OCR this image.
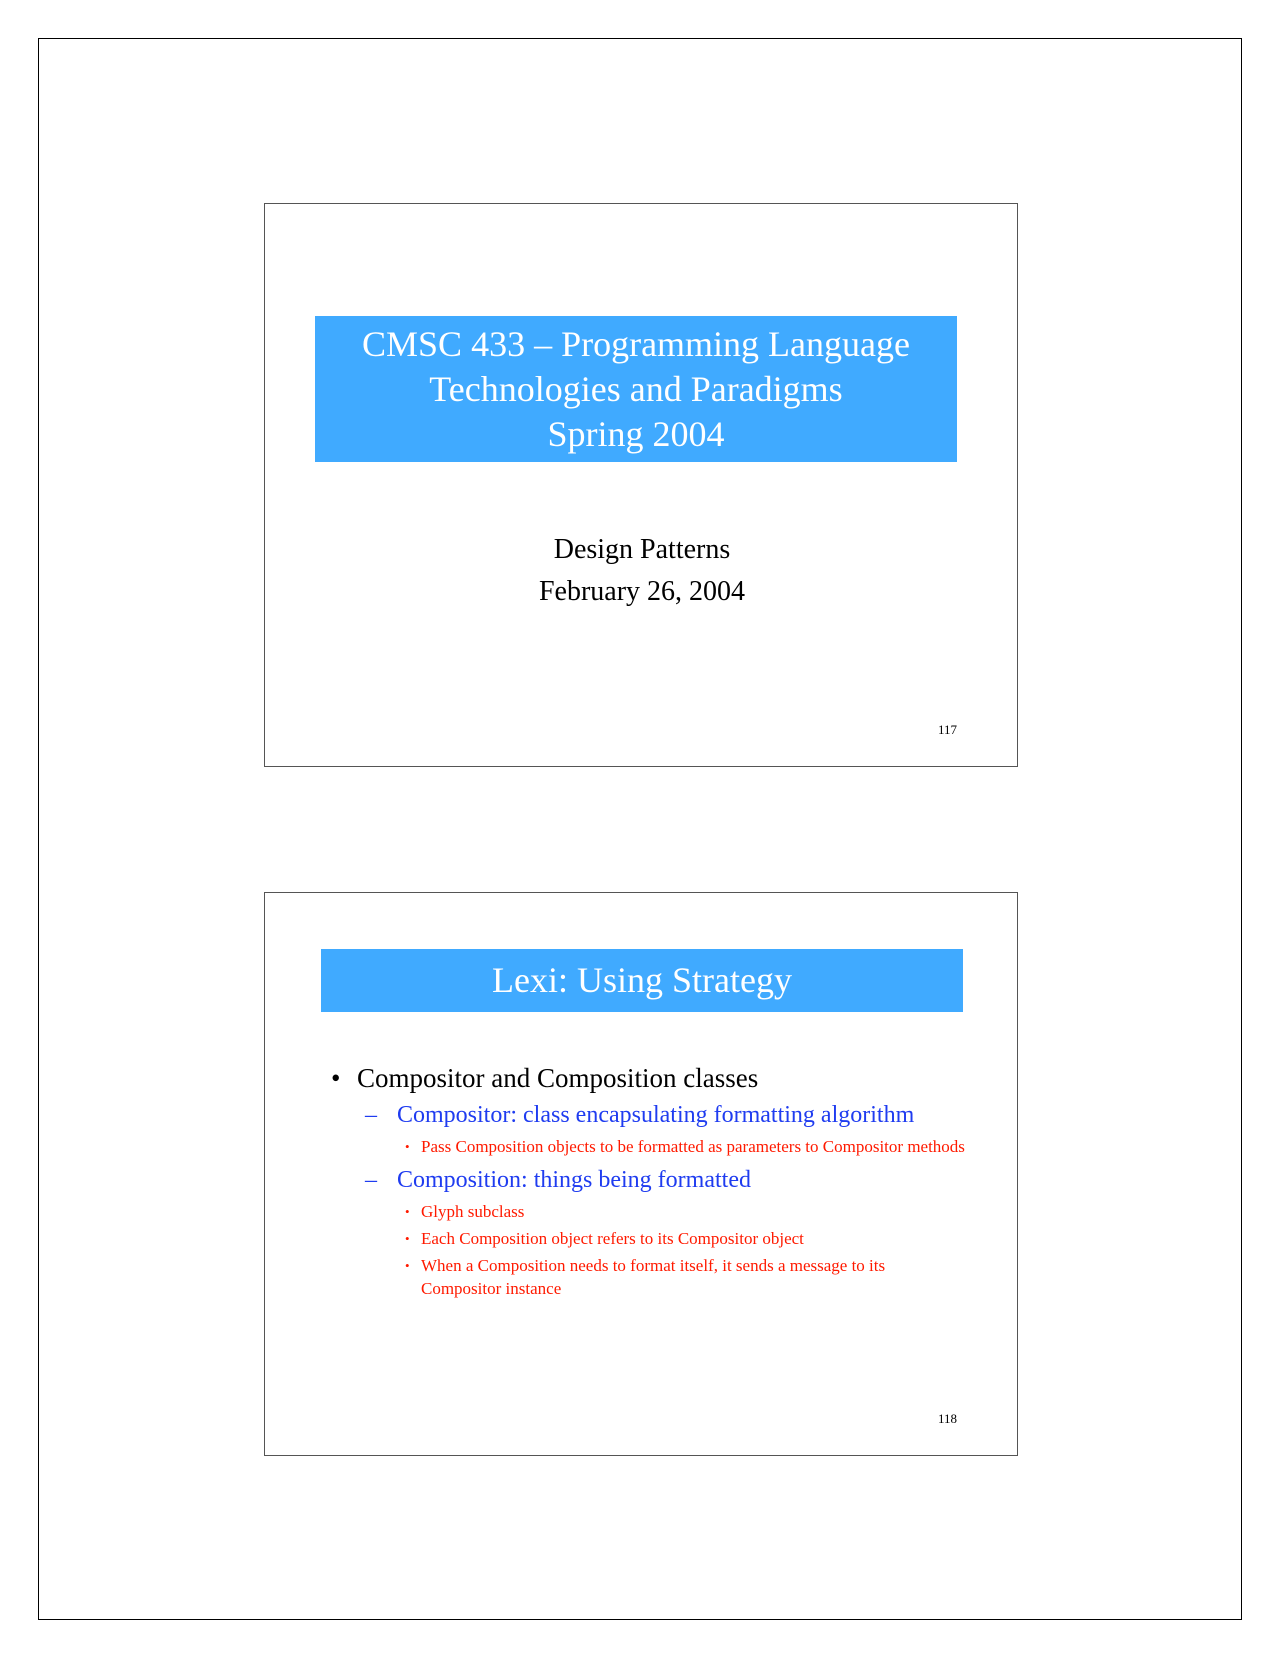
CMSC 433 – Programming Language
Technologies and Paradigms
Spring 2004
Design Patterns
February 26, 2004
117
Lexi: Using Strategy
• Compositor and Composition classes
– Compositor: class encapsulating formatting algorithm
• Pass Composition objects to be formatted as parameters to Compositor methods
– Composition: things being formatted
• Glyph subclass
• Each Composition object refers to its Compositor object
• When a Composition needs to format itself, it sends a message to its Compositor instance
118
